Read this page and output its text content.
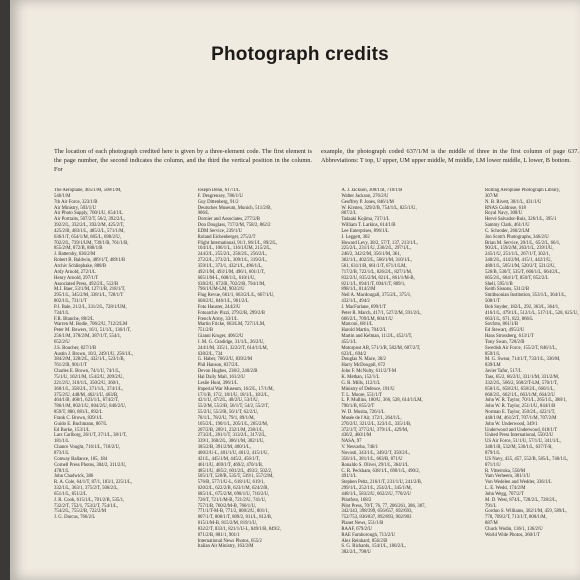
Photograph credits
The location of each photograph credited here is given by a three-element code. The first element is the page number, the second indicates the column, and the third the vertical position in the column. For
example, the photograph coded 637/1/M is the middle of three in the first column of page 637. Abbreviations: T top, U upper, UM upper middle, M middle, LM lower middle, L lower, B bottom.
The Aeroplane, 405/1/M, 508/1/M,
546/1/M
7th Air Force, 323/1/B
Air Ministry, 503/1/U
Air Photo Supply, 700/1/U, 654/1/L
Air Portraits, 507/2/T, 56/2, 392/2/L,
392/2/L, 332/2/L, 392/2/M, 425/2/T,
425/2/B, 483/1/L, 485/2/L, 571/1/M,
636/1/T, 654/1/M, 685/L, 698/2/U,
702/2/L, 739/1/UM, 739/1/B, 761/1/B,
855/2/M, 872/B, 888/1/B
J. Battersby, 636/2/M
Robert B. Baldwin, 489/1/T, 489/1/B
Archiv Schliephake, 888/B
Ardy Arnold, 272/1/L
Henry Arnold, 297/1/T
Associated Press, 492/2/L, 512/B
M.J. Baer, 53/1/M, 127/1/B, 218/1/T,
295/1/L, 345/2/M, 338/1/L, 728/1/T
802/1/L, 731/1/T
P.J. Bale, 21/2/L, 331/2/L, 728/1/UM,
734/1/L
F.R. Blanche, 88/2/L
Warren M. Bodie, 706/2/U, 712/2/LM
Peter M. Bowers, 16/1, 51/1/L, 136/1/T,
256/1/M, 378/2/M, 387/1/T, 554/1,
652/2/U
J.S. Boucher, 827/1/B
Austin J. Brown, 10/2, 249/1/U, 256/1/L,
384/2/M, 328/2/L, 432/1/L, 523/1/B,
761/2/B, 901/1/T
Charles E. Brown, 74/1/U, 74/1/L,
75/1/U, 102/1/M, 154/2/U, 209/2/U,
221/2/U, 310/1/L, 350/2/U, 360/1,
360/1/L, 358/2/L, 371/1/L, 374/1/L,
375/2/U, 448/M, 462/1/U, 463/B,
464/1/B, 468/1, 623/1/L, 674/2/T,
786/1/M, 802/1/U, 804/2/U, 840/2/U,
859/T, 880, 881/L, 892/L
Frank C. Brown, 839/1/L
Guido E. Buchmann, 867/L
Ed Burke, 153/1/L
Lars Carlborg, 26/1/T, 37/1/L, 38/1/T,
181/1/L
Chance Vought, 716/1/L, 718/2/U,
873/1/L
Conway Ballance, 185, 184
Cornell Press Photos, 304/2, 311/2/U,
478/1/L
John Chadwick, 386
R. A. Cole, 64/1/T, 87/1, 183/1, 225/1/L,
332/1/L, 363/1, 375/2/T, 508/2/L,
651/1/L, 851/2/L
J. R. Cook, 615/1/L, 701/2/B, 535/1,
732/2/T, 752/1, 753/2/T, 754/1/L,
754/2/L, 755/2/B, 722/2/M
J. G. Darcus, 766/2/L
Joseph Denn, 617/1/L
F. Desgrenzey, 786/1/U
Guy Dittenberg, 91/2
Deutsches Museum, Munich, 511/2/B,
906/L
Dornier and Associates, 277/2/B
Don Douglass, 717/2/M, 758/2, 862/2
EDM Service, 239/1/U
Roland Eichenberger, 275/2/T
Flight International, 91/1, 86/1/L, 89/2/L,
104/1/L, 106/1/L, 116/1/UM, 215/2/L,
244/2/L, 255/2/L, 256/2/L, 256/2/L,
272/2/L, 273/2/L, 309/1/L, 319/2/L,
359/1/L, 373/1, 432/1/L, 496/1/L,
492/1/M, 493/1/M, 496/1, 601/1/T,
605/1/M-L, 608/1/L, 610/1/U,
638/2/U, 672/B, 702/2/B, 794/1/M,
796/1/UM-LM, 903/2/U
Flug Revue, 661/1, 663/2/L/L, 667/1/U,
668/2/U, 846/1/L, 901/2/L
Foto Hauster, 244/2/U
Fotoarchiv Pizzi, 279/2/B, 299/2/B
French Army, 33/1/L
Martin Fricke, 663/LM, 727/1/LM,
751/2/B
Gianni Kruger, 406/2/U
J. M. G. Gradidge, 31/1/L, 26/2/U,
244/1/M, 335/1, 322/2/T, 614/1/LM,
638/2/L, 734
G. Haber, 766/2/U, 839/2/M
Phil Hanson, 837/2/L
Devon Hughes, 238/2, 240/2/B
Hal Daily Mail, 161/2/U
Leslie Hunt, 396/1/L
Imperial War Museum, 16/2/L, 17/1/M,
17/1/B, 17/2, 18/1/U, 18/1/L, 18/2/L,
42/1/U, 47/2/L, 48/2/U, 53/1/U,
55/2/M, 55/2/B, 56/1/T, 54/2, 55/2/T,
55/2/U, 55/2/B, 56/1/T, 62/2/U,
78/1/L, 78/2/U, 79/1, 89/1/M,
105/2/L, 190/1/L, 205/1/L, 205/2/M,
207/2/B, 209/1, 232/1/M, 238/1/L,
273/2/L, 281/1/T, 313/2/L, 317/2/L,
339/1, 360/2/L, 386/1/M, 382/1/U,
385/2/B, 391/2/M, 400/1/L,
400/2/U-L, 401/1/U, 401/2, 415/1/U,
421/L, 445/1/M, 445/2, 456/1/T,
461/1/U, 469/1/T, 469/2, 470/1/B,
485/1/U, 485/2, 601/2/L, 493/2, 502/2,
505/1/T, 528/B, 535/T, 539/1, 557/2/M,
576/B, 577/1/U-L, 618/1/U, 619/1,
620/2/L, 622/2/B, 623/1/M, 624/2/B,
685/1/L, 675/2/M, 698/1/U, 716/2/U,
726/T, 721/1/M-B, 721/2/U, 741/U,
757/1/B, 760/2/M-B, 760/1/U,
771/1/T-M-B, 771/2, 800/2/U, 801/1,
807/1/T, 808/1/T, 809/2, 811/L, 812/B,
815/1/M-B, 815/2/M, 819/1/U,
832/2/T, 833/1, 821/1/U-L, 849/1/B, 849/2,
871/2/B, 881/1, 901/1
International News Photos, 655/2
Italian Air Ministry, 163/2/M
A. J. Jackson, 308/1/B, 718/1/B
Walter Jackson, 276/2/U
Geoffrey P. Jones, 846/1/M
W. Kirsten, 329/2/B, 754/1/L, 825/1/U,
867/2/L
Tadaaki Kojima, 737/1/L
William T. Larkins, 614/1/B
Lee Enterprises, 896/1/L
J. Leggett, 302
Howard Levy, 38/2, 57/T, 137, 213/1/L,
225/2/L, 231/1/U, 236/2/L, 297/1/L,
246/2, 342/2/M, 356/1/M, 361,
362/1/L, 402/2/L, 566/1/M, 310/1/L,
561, 631/1/B, 661/1/T, 671/1/LM,
717/2/B, 722/1/L, 826/2/L, 827/1/M,
832/2/U, 835/2/M, 821/L, 861/1/M-B,
821/1/L, 694/1/T, 694/1/T, 809/1,
898/1/L, 814/2/M
Neil A. Macdougall, 375/2/L, 375/1,
432/1/L, 494/2
J. MacFarlane, 699/1/T
Peter R. March, 417/1, 527/2/M, 591/2/L,
666/2/L, 709/LM, 804/1/U
Marconi, 68/1/L
Harold Martin, 704/2/L
Martin and Kelman, 11/2/L, 452/1/T,
455/1/L
Motorpost AB, 571/1/B, 582/M, 607/2/T,
623/L, 694/2
Douglas N. Mace, 30/2
Harry McDougall, 672
John F. McNulty, 611/2/T-M
K. Methan, 152/1/L
G. B. Mills, 112/1/L
Ministry of Defence, 191/U
T. L. Moore, 551/1/T
L. P. Mullins, 180/U, 366, 528, 614/1/LM,
790/1/B, 855/2/T
W. D. Musita, 726/1/L
Musée de l'Air, 172/1, 264/1/L,
270/2/U, 321/2/L, 323/1/L, 335/1/B,
372/1/T, 377/2/U, 379/1/L, 429/M,
436/2, 460/1/M
NASA, 97
V. Nesvarba, 746/1
Novosti, 343/1/L, 349/2/T, 350/2/L,
356/1/L, 381/1/L, 663/B, 871/U
Ronaldo S. Olivei, 29/1/L, 364/1/L
C. R. Peckham, 638/1/L, 690/1/L, 490/2,
491/1/L
Stephen Peltz, 216/1/T, 231/1/U, 241/2/B,
299/1/L, 252/1/L, 254/2/L, 345/1/M,
448/1/L, 583/2/U, 662/2/U, 770/2/U
Pilotfoto, 168/2
Pilot Press, 70/T, 76, 77, 206/261, 386, 387,
342/343, 398/399, 656/657, 692/693,
752/753, 836/837, 892/893, 902/903
Planet News, 551/1/B
RAAF, 679/2/U
RAE Farnborough, 713/2/U
Alex Reinhard, 856/2/B
S. G. Richards, 154/1/L, 180/2/L,
382/2/L, 798/U
Rolling Aeroplane Photograph Library,
307/M
N. B. Rivett, 38/1/L, 431/1/U
RNAS Culdrose, 618
Royal Navy, 308/U
Hervé Salvador-Ruiz, 326/1/L, 395/1
Sammy Clark, 461/1/U
C. Schroder, 260/2/LM
Jon Scott's Photographs, 346/2/U
Brian M. Service, 20/1/L, 65/2/L, 66/1,
90/2/L, 159/2/M, 263/1/L, 239/1/U,
245/1/U, 251/1/L, 267/1/T, 302/1,
340/2/L, 414/2/M, 415/1, 442/1/U,
480/1/L, 505/1/M, 520/2/T, 521/2/U,
526/B, 530/T, 535/T, 660/1/L, 664/2/L,
665/2/L, 684/1/T, 850/T, 852/2/L
Shell, 595/1/B
Keith Sissons, 531/2/B
Smithsonian Institution, 353/1/L, 364/1/L,
508/1/T
Bob Snyder, 182/L, 292, 363/L, 364/1,
416/1/L, 479/1/L, 512/1/L, 517/1/L, 528, 625/U,
663/1/L, 671, 822, 866/L
Sovfoto, 861/1/B
Ed Stewart, 495/2/U
Hans Strossberg, 613/1/T
Tony Swan, 720/2/B
Swedish Air Force, 155/2/T, 846/1/L,
859/1/L
M. G. Swear, 714/1/T, 733/1/L, 336/M,
839/LM
Javier Tafur, 517/L
Tass, 65/2, 66/2/U, 331/1/M, 331/2/M,
332/2/L, 566/2, 568/2/T-LM, 570/1/T,
650/1/L, 658/2/U, 658/2/L, 660/1/L,
660/2/L, 662/1/L, 663/1/M, 664/2/U
John W. R. Taylor, 70/1/L, 265/1/L, 388/1,
John W. R. Taylor, 251/1/U, 844/1/B
Norman E. Taylor, 350/2/L, 422/1/T,
448/1/M, 461/2/T, 707/1/M, 707/2/M
John W. Underwood, 349/1
Underwood and Underwood, 618/1/T
United Press International, 550/2/U
US Air Force, 51/1/U, 57/1/U, 341/1/L,
348/1/B, 532/M, 536/1/L, 637/T-B,
879/1/L
US Navy, 435, 457, 552/B, 585/L, 740/1/L,
871/1/U
R. Vitterroka, 550/M
Vam Verheem, 301/1/U
Von Wedelen and Wedder, 336/1/L
L. E. Wedd, 174/2/M
John Wegg, 707/2/T
M. D. West, 874/L, 728/2/L, 728/2/L,
791/L
Gordon S. Williams, 362/1/M, 459, 589/L,
778, 709/2/T, 713/1/T, 808/1/M,
887/M
Chuck Wodin, 136/1, 136/2/U
World Wide Photos, 360/1/T
